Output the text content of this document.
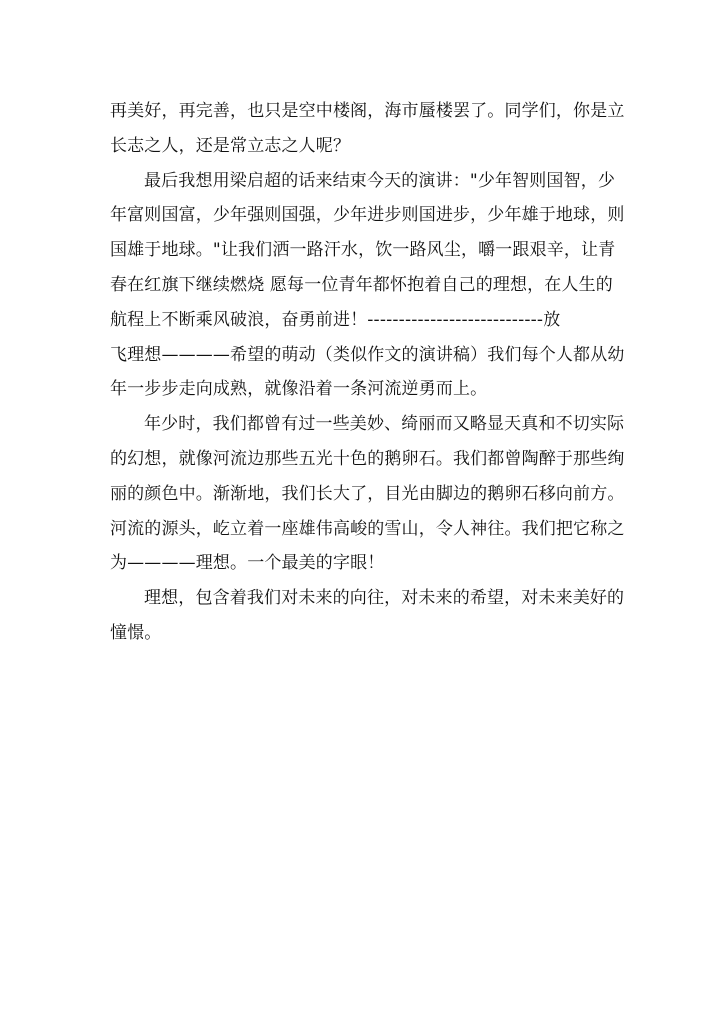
再美好，再完善，也只是空中楼阁，海市蜃楼罢了。同学们，你是立
长志之人，还是常立志之人呢？
最后我想用梁启超的话来结束今天的演讲："少年智则国智，少
年富则国富，少年强则国强，少年进步则国进步，少年雄于地球，则
国雄于地球。"让我们洒一路汗水，饮一路风尘，嚼一跟艰辛，让青
春在红旗下继续燃烧 愿每一位青年都怀抱着自己的理想，在人生的
航程上不断乘风破浪，奋勇前进！----------------------------放
飞理想————希望的萌动（类似作文的演讲稿）我们每个人都从幼
年一步步走向成熟，就像沿着一条河流逆勇而上。
年少时，我们都曾有过一些美妙、绮丽而又略显天真和不切实际
的幻想，就像河流边那些五光十色的鹅卵石。我们都曾陶醉于那些绚
丽的颜色中。渐渐地，我们长大了，目光由脚边的鹅卵石移向前方。
河流的源头，屹立着一座雄伟高峻的雪山，令人神往。我们把它称之
为————理想。一个最美的字眼！
理想，包含着我们对未来的向往，对未来的希望，对未来美好的
憧憬。
